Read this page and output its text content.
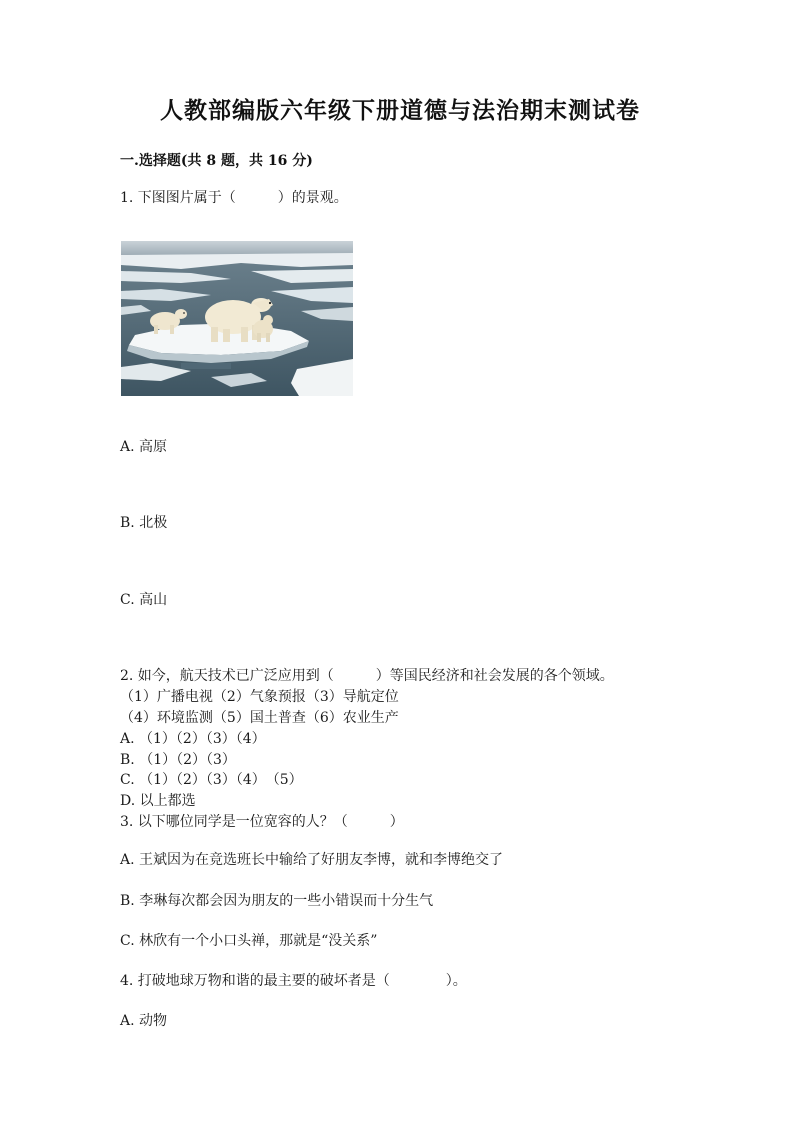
人教部编版六年级下册道德与法治期末测试卷
一.选择题(共 8 题，共 16 分)
1. 下图图片属于（　　　）的景观。
A. 高原
B. 北极
C. 高山
2. 如今，航天技术已广泛应用到（　　　）等国民经济和社会发展的各个领域。
（1）广播电视（2）气象预报（3）导航定位
（4）环境监测（5）国土普查（6）农业生产
A. （1）（2）（3）（4）
B. （1）（2）（3）
C. （1）（2）（3）（4）　（5）
D. 以上都选
3. 以下哪位同学是一位宽容的人？（　　　）
A. 王斌因为在竞选班长中输给了好朋友李博，就和李博绝交了
B. 李琳每次都会因为朋友的一些小错误而十分生气
C. 林欣有一个小口头禅，那就是“没关系”
4. 打破地球万物和谐的最主要的破坏者是（　　　　）。
A. 动物
